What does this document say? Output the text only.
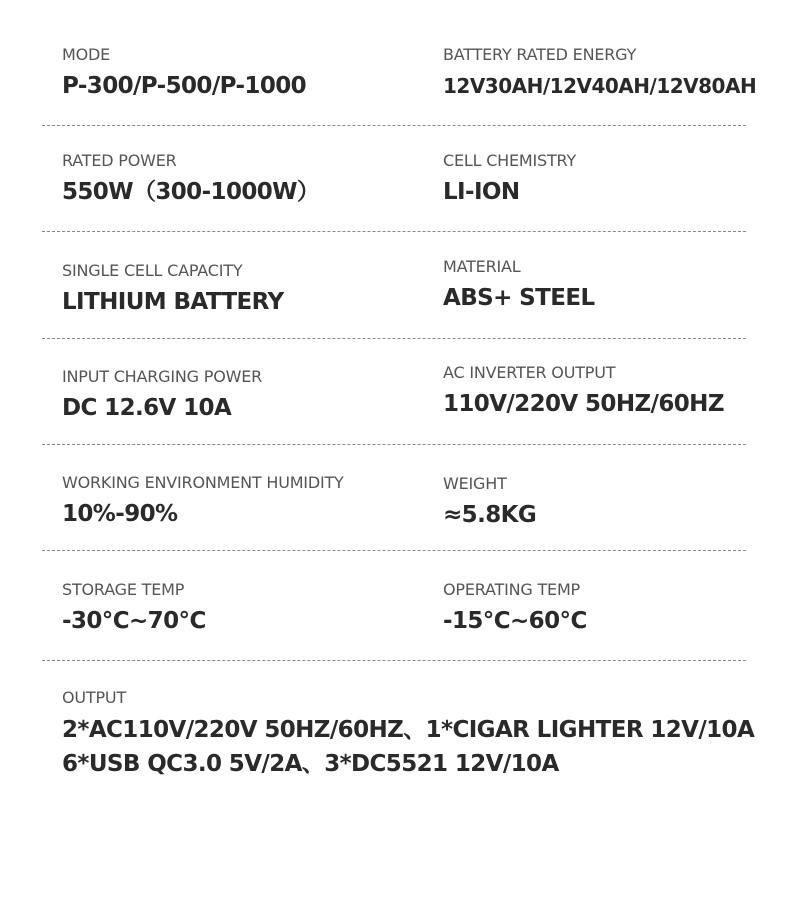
MODE
P-300/P-500/P-1000
BATTERY RATED ENERGY
12V30AH/12V40AH/12V80AH
RATED POWER
550W（300-1000W）
CELL CHEMISTRY
LI-ION
SINGLE CELL CAPACITY
LITHIUM BATTERY
MATERIAL
ABS+ STEEL
INPUT CHARGING POWER
DC 12.6V 10A
AC INVERTER OUTPUT
110V/220V 50HZ/60HZ
WORKING ENVIRONMENT HUMIDITY
10%-90%
WEIGHT
≈5.8KG
STORAGE TEMP
-30℃~70℃
OPERATING TEMP
-15℃~60℃
OUTPUT
2*AC110V/220V 50HZ/60HZ、1*CIGAR LIGHTER 12V/10A
6*USB QC3.0 5V/2A、3*DC5521 12V/10A
